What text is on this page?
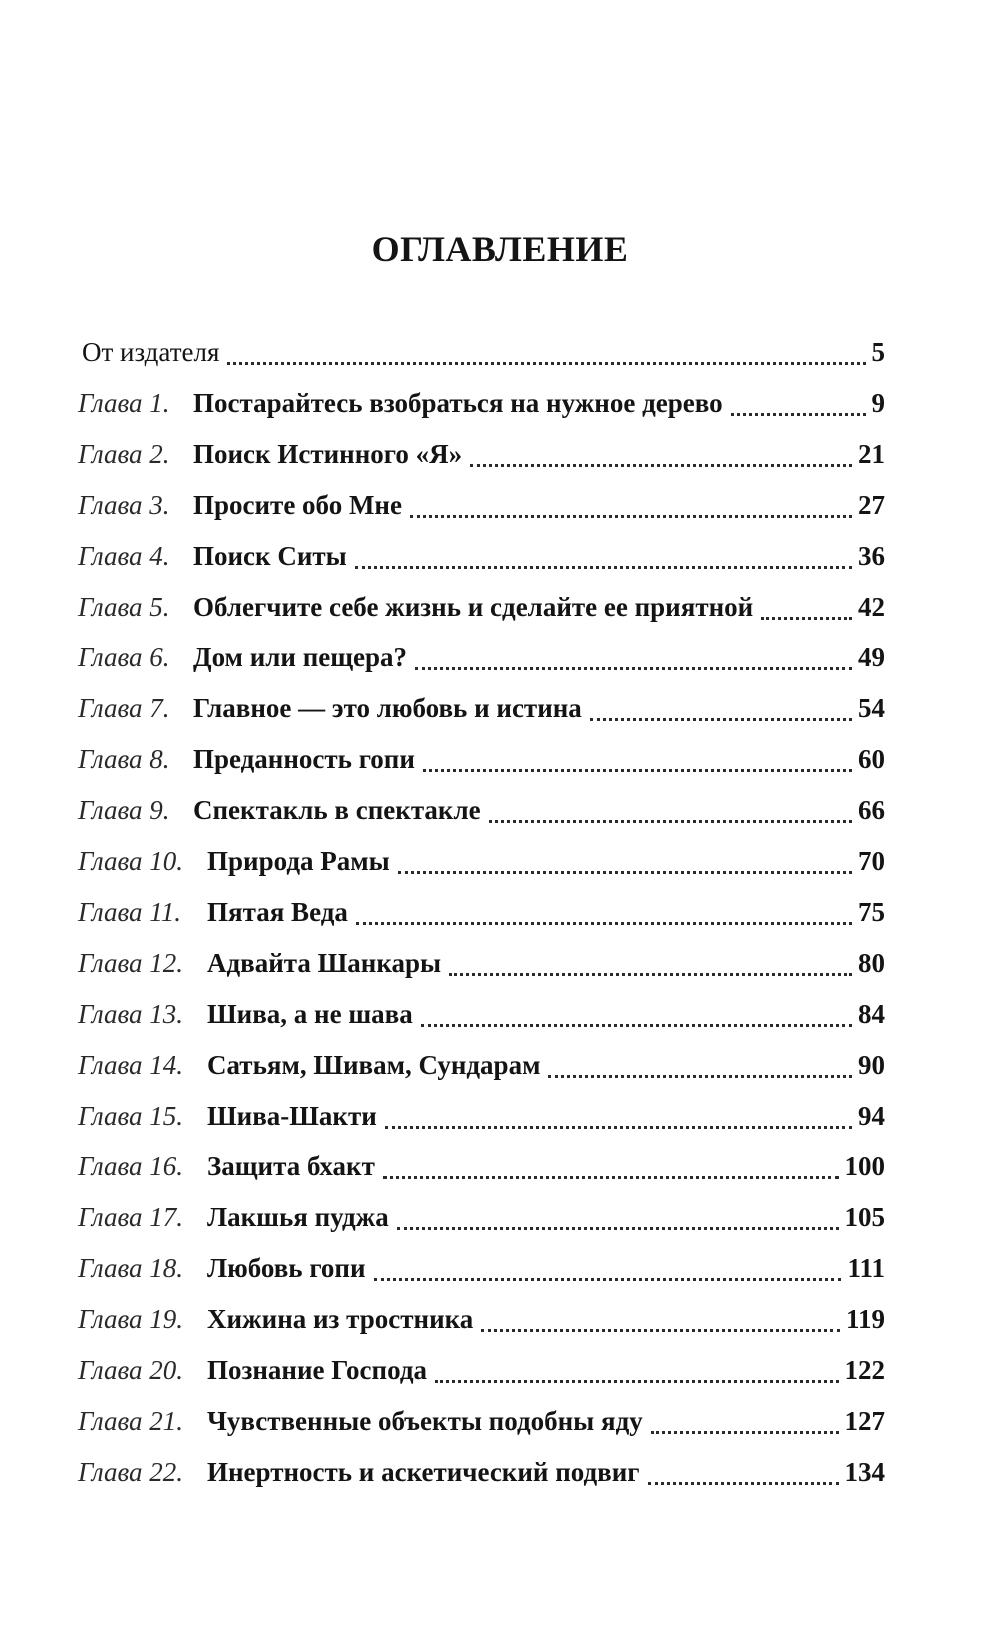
ОГЛАВЛЕНИЕ
От издателя	5
Глава 1. Постарайтесь взобраться на нужное дерево	9
Глава 2. Поиск Истинного «Я»	21
Глава 3. Просите обо Мне	27
Глава 4. Поиск Ситы	36
Глава 5. Облегчите себе жизнь и сделайте ее приятной	42
Глава 6. Дом или пещера?	49
Глава 7. Главное — это любовь и истина	54
Глава 8. Преданность гопи	60
Глава 9. Спектакль в спектакле	66
Глава 10. Природа Рамы	70
Глава 11. Пятая Веда	75
Глава 12. Адвайта Шанкары	80
Глава 13. Шива, а не шава	84
Глава 14. Сатьям, Шивам, Сундарам	90
Глава 15. Шива-Шакти	94
Глава 16. Защита бхакт	100
Глава 17. Лакшья пуджа	105
Глава 18. Любовь гопи	111
Глава 19. Хижина из тростника	119
Глава 20. Познание Господа	122
Глава 21. Чувственные объекты подобны яду	127
Глава 22. Инертность и аскетический подвиг	134
